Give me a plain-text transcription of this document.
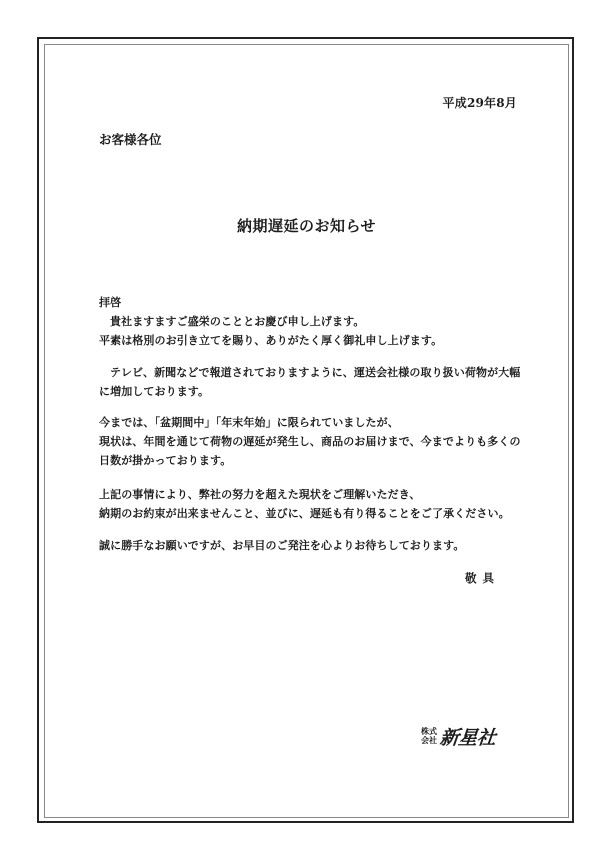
平成29年8月
お客様各位
納期遅延のお知らせ

拝啓

貴社ますますご盛栄のこととお慶び申し上げます。

平素は格別のお引き立てを賜り、ありがたく厚く御礼申し上げます。

テレビ、新聞などで報道されておりますように、運送会社様の取り扱い荷物が大幅

に増加しております。

今までは、「盆期間中」「年末年始」に限られていましたが、

現状は、年間を通じて荷物の遅延が発生し、商品のお届けまで、今までよりも多くの

日数が掛かっております。

上記の事情により、弊社の努力を超えた現状をご理解いただき、

納期のお約束が出来ませんこと、並びに、遅延も有り得ることをご了承ください。

誠に勝手なお願いですが、お早目のご発注を心よりお待ちしております。

敬具
株式
会社 新星社
